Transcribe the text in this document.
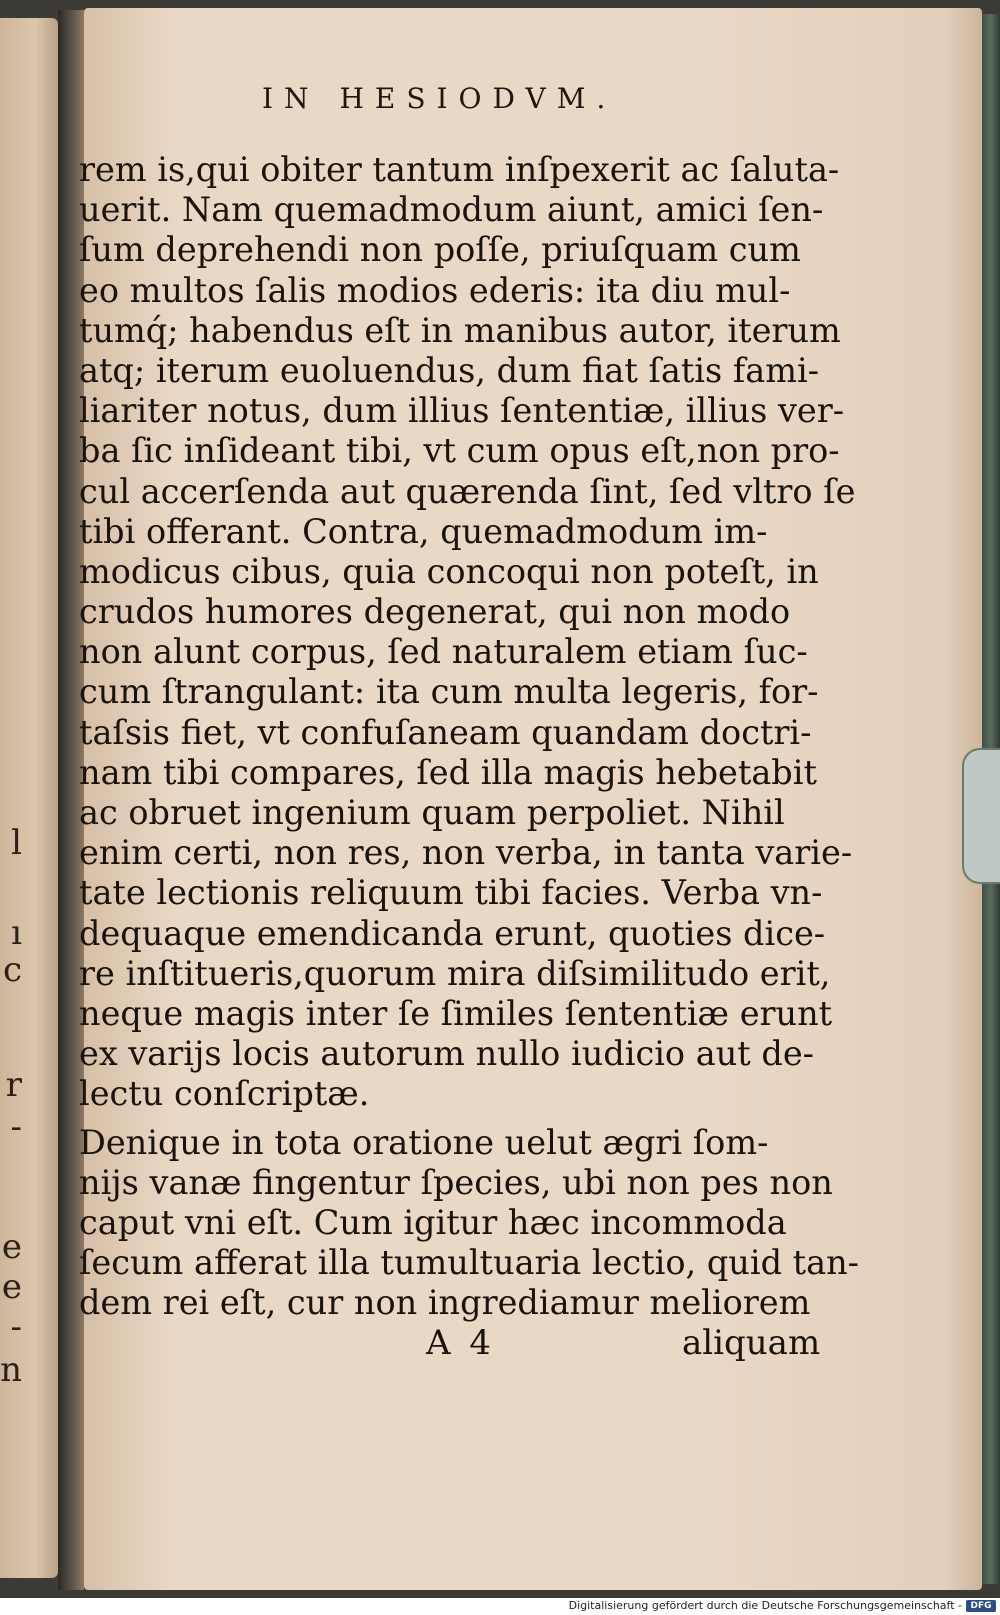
l
ı
c
r
-
e
e
-
n
IN HESIODVM.
rem is,qui obiter tantum inſpexerit ac ſaluta-
uerit. Nam quemadmodum aiunt, amici ſen-
ſum deprehendi non poſſe, priuſquam cum
eo multos ſalis modios ederis: ita diu mul-
tumq́; habendus eſt in manibus autor, iterum
atq; iterum euoluendus, dum fiat ſatis fami-
liariter notus, dum illius ſententiæ, illius ver-
ba ſic inſideant tibi, vt cum opus eſt,non pro-
cul accerſenda aut quærenda ſint, ſed vltro ſe
tibi offerant. Contra, quemadmodum im-
modicus cibus, quia concoqui non poteſt, in
crudos humores degenerat, qui non modo
non alunt corpus, ſed naturalem etiam ſuc-
cum ſtrangulant: ita cum multa legeris, for-
taſsis fiet, vt confuſaneam quandam doctri-
nam tibi compares, ſed illa magis hebetabit
ac obruet ingenium quam perpoliet. Nihil
enim certi, non res, non verba, in tanta varie-
tate lectionis reliquum tibi facies. Verba vn-
dequaque emendicanda erunt, quoties dice-
re inſtitueris,quorum mira diſsimilitudo erit,
neque magis inter ſe ſimiles ſententiæ erunt
ex varijs locis autorum nullo iudicio aut de-
lectu conſcriptæ.
Denique in tota oratione uelut ægri ſom-
nijs vanæ fingentur ſpecies, ubi non pes non
caput vni eſt. Cum igitur hæc incommoda
ſecum afferat illa tumultuaria lectio, quid tan-
dem rei eſt, cur non ingrediamur meliorem
A 4	aliquam
Digitalisierung gefördert durch die Deutsche Forschungsgemeinschaft - DFG
